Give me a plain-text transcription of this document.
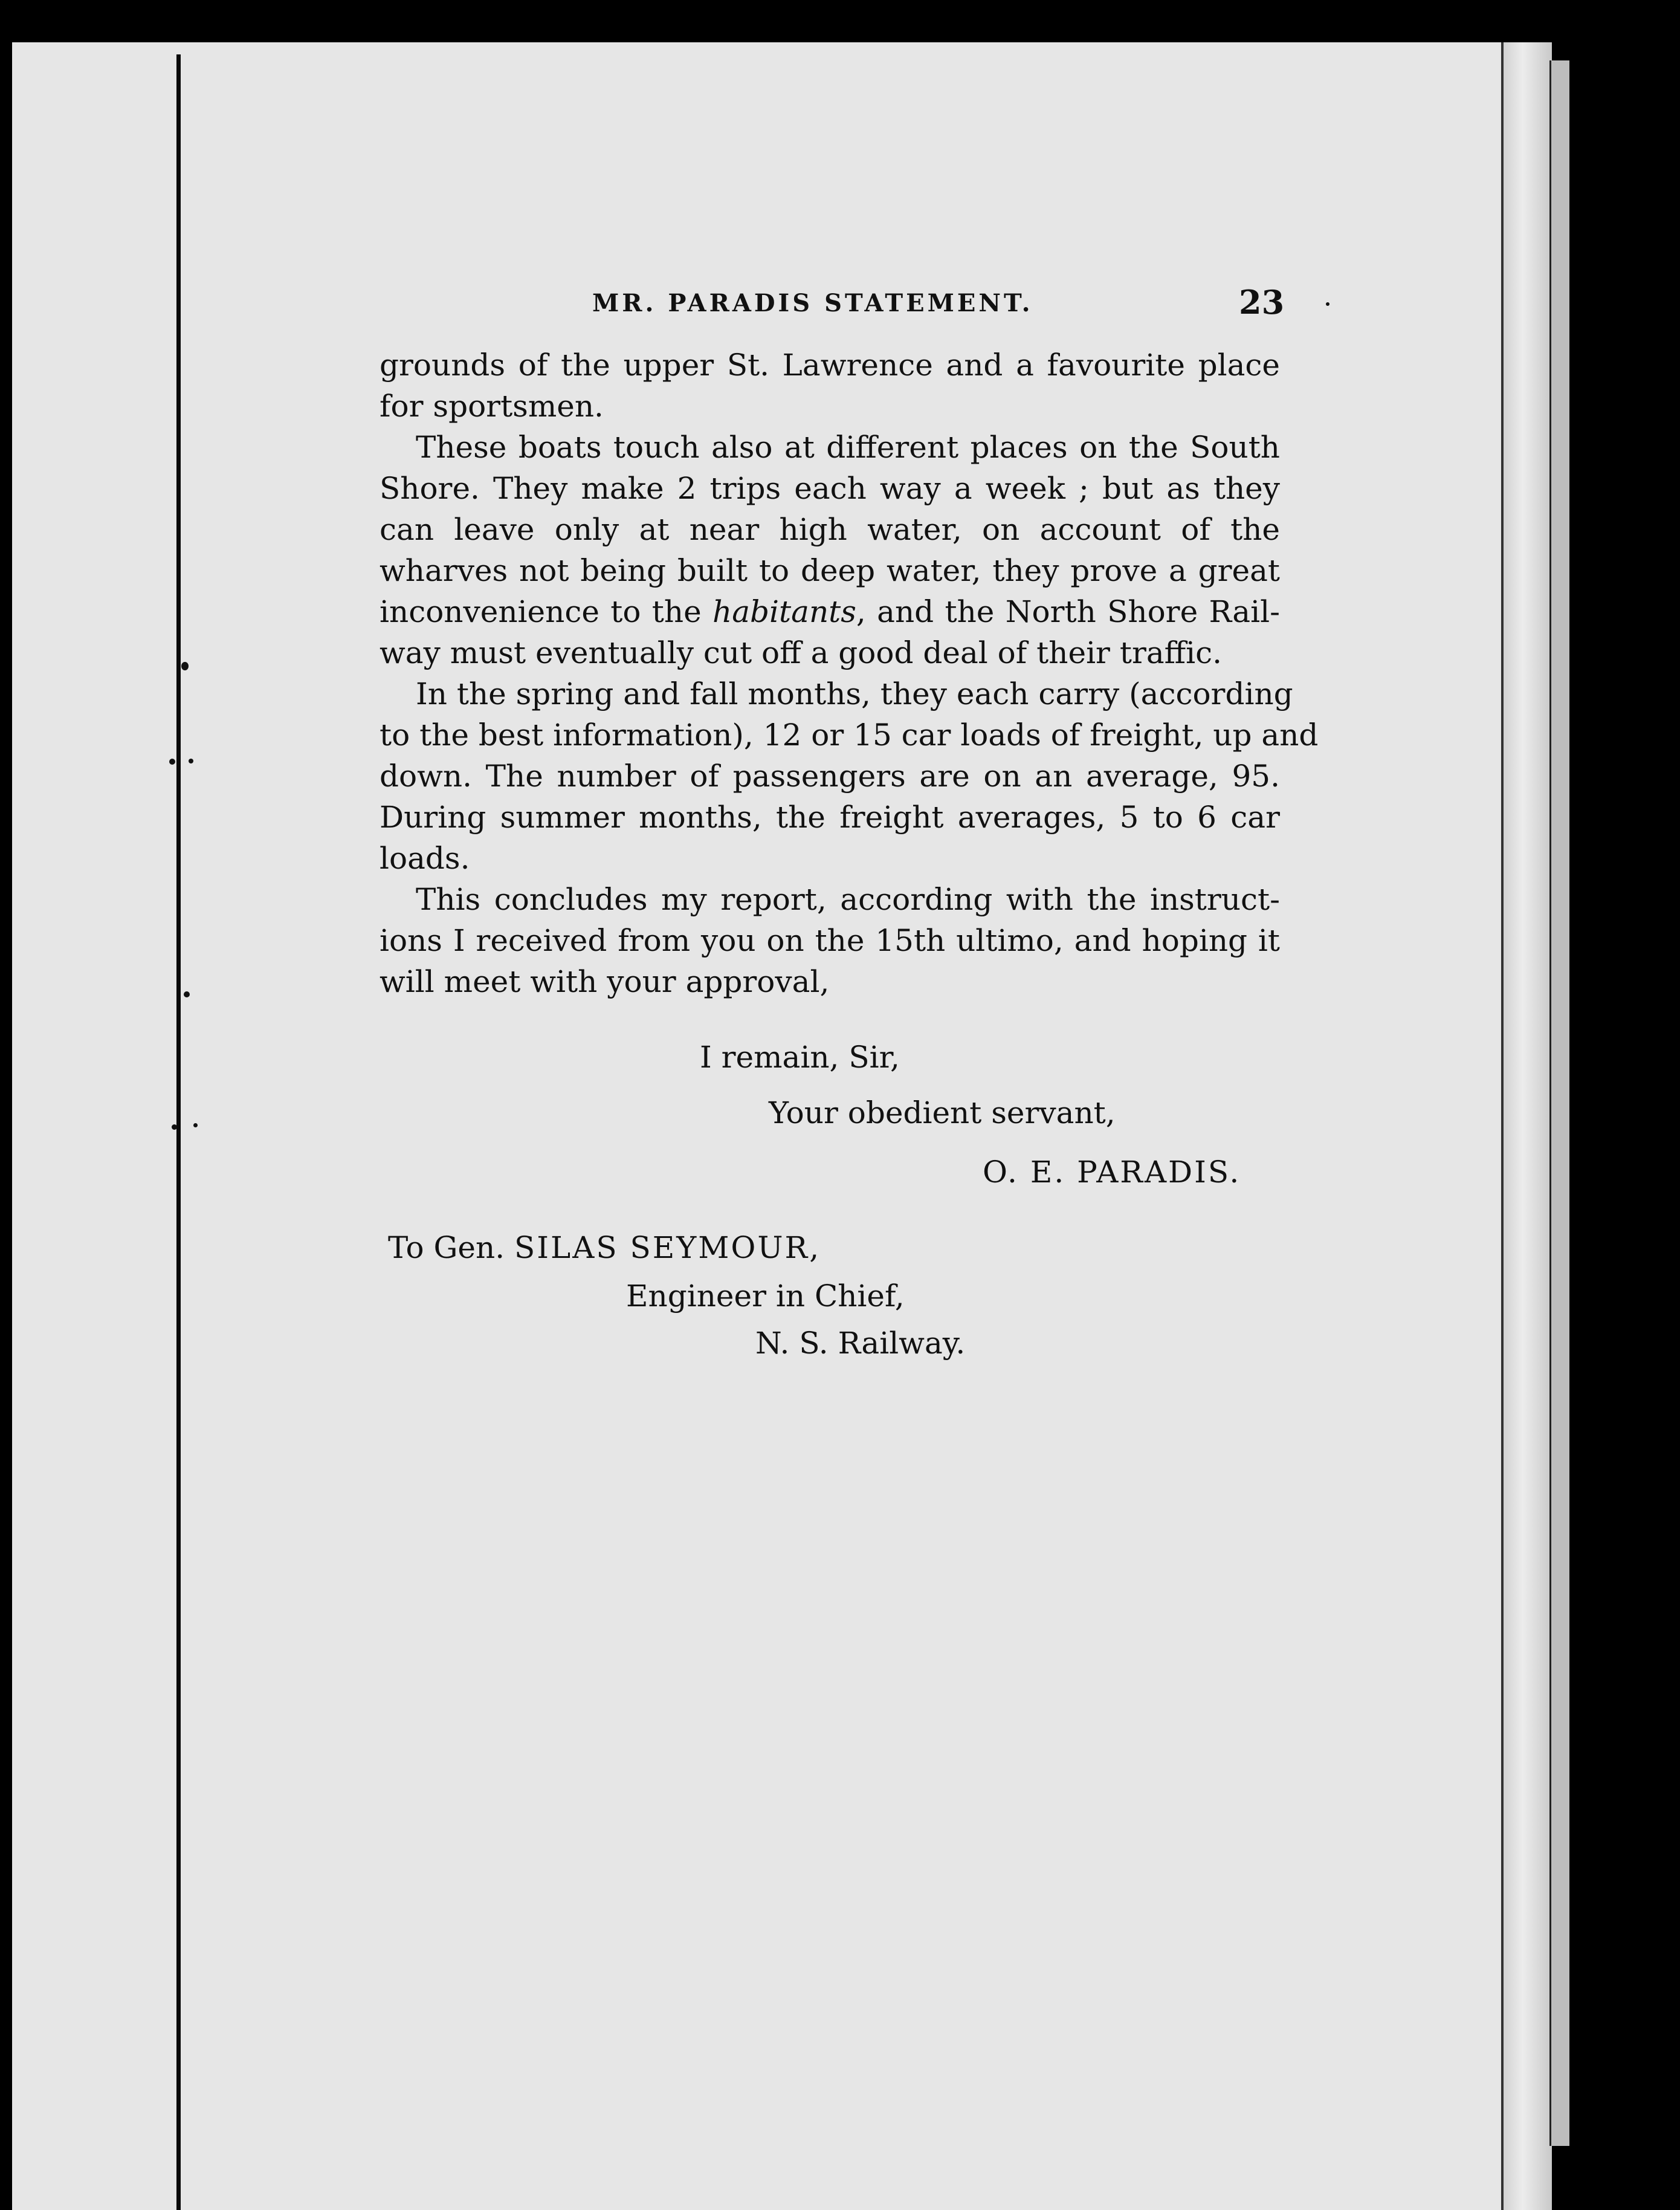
MR. PARADIS STATEMENT.	23

grounds of the upper St. Lawrence and a favourite place
for sportsmen.

These boats touch also at different places on the South
Shore. They make 2 trips each way a week ; but as they
can leave only at near high water, on account of the
wharves not being built to deep water, they prove a great
inconvenience to the habitants, and the North Shore Rail-
way must eventually cut off a good deal of their traffic.

In the spring and fall months, they each carry (according
to the best information), 12 or 15 car loads of freight, up and
down. The number of passengers are on an average, 95.
During summer months, the freight averages, 5 to 6 car
loads.

This concludes my report, according with the instruct-
ions I received from you on the 15th ultimo, and hoping it
will meet with your approval,

I remain, Sir,
Your obedient servant,
O. E. PARADIS.
To Gen. SILAS SEYMOUR,
Engineer in Chief,
N. S. Railway.
